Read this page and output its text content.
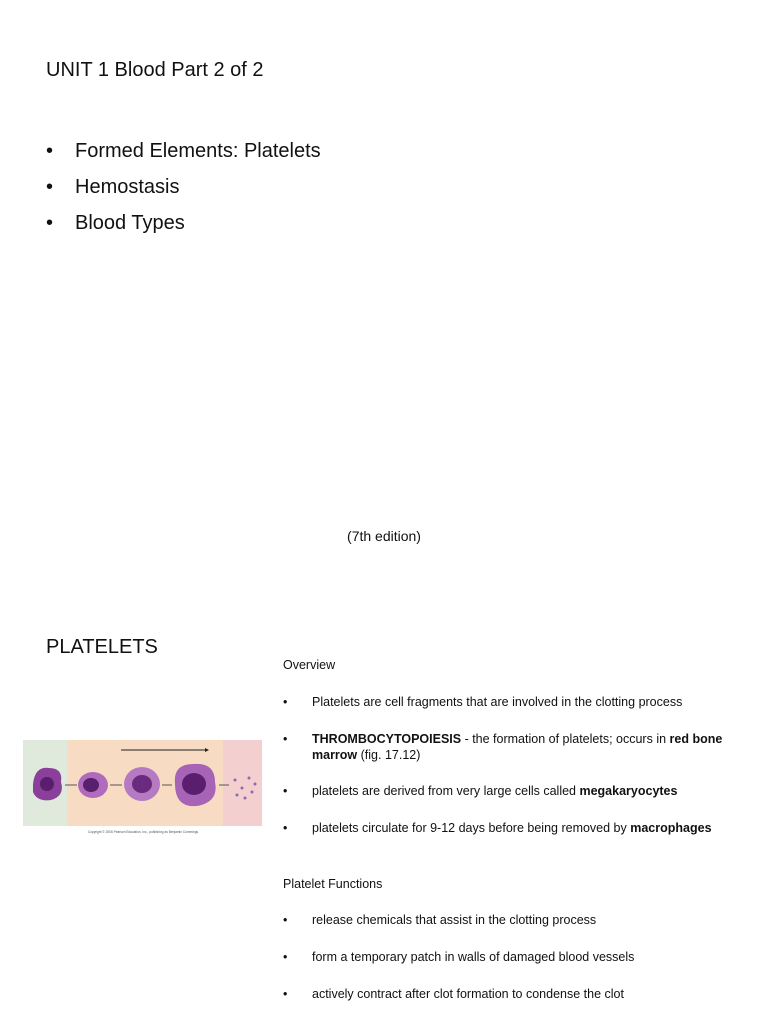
UNIT 1 Blood Part 2 of 2
• Formed Elements: Platelets
• Hemostasis
• Blood Types
(7th edition)
PLATELETS
Copyright © 2006 Pearson Education, Inc., publishing as Benjamin Cummings
Overview
• Platelets are cell fragments that are involved in the clotting process
• THROMBOCYTOPOIESIS - the formation of platelets; occurs in red bone marrow (fig. 17.12)
• platelets are derived from very large cells called megakaryocytes
• platelets circulate for 9-12 days before being removed by macrophages
Platelet Functions
• release chemicals that assist in the clotting process
• form a temporary patch in walls of damaged blood vessels
• actively contract after clot formation to condense the clot
